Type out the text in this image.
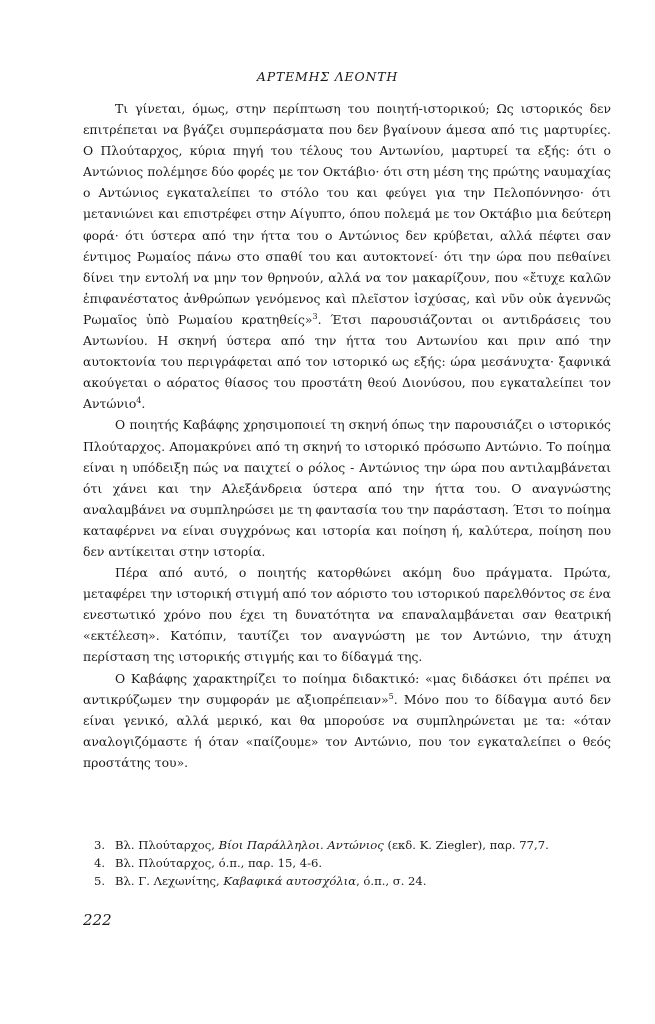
ΑΡΤΕΜΗΣ ΛΕΟΝΤΗ

Τι γίνεται, όμως, στην περίπτωση του ποιητή-ιστορικού; Ως ιστορικός δεν επιτρέπεται να βγάζει συμπεράσματα που δεν βγαίνουν άμεσα από τις μαρτυρίες. Ο Πλούταρχος, κύρια πηγή του τέλους του Αντωνίου, μαρτυρεί τα εξής: ότι ο Αντώνιος πολέμησε δύο φορές με τον Οκτάβιο· ότι στη μέση της πρώτης ναυμαχίας ο Αντώνιος εγκαταλείπει το στόλο του και φεύγει για την Πελοπόννησο· ότι μετανιώνει και επιστρέφει στην Αίγυπτο, όπου πολεμά με τον Οκτάβιο μια δεύτερη φορά· ότι ύστερα από την ήττα του ο Αντώνιος δεν κρύβεται, αλλά πέφτει σαν έντιμος Ρωμαίος πάνω στο σπαθί του και αυτοκτονεί· ότι την ώρα που πεθαίνει δίνει την εντολή να μην τον θρηνούν, αλλά να τον μακαρίζουν, που «ἔτυχε καλῶν ἐπιφανέστατος ἀνθρώπων γενόμενος καὶ πλεῖστον ἰσχύσας, καὶ νῦν οὐκ ἀγεννῶς Ρωμαῖος ὑπὸ Ρωμαίου κρατηθείς»$^3$. Έτσι παρουσιάζονται οι αντιδράσεις του Αντωνίου. Η σκηνή ύστερα από την ήττα του Αντωνίου και πριν από την αυτοκτονία του περιγράφεται από τον ιστορικό ως εξής: ώρα μεσάνυχτα· ξαφνικά ακούγεται ο αόρατος θίασος του προστάτη θεού Διονύσου, που εγκαταλείπει τον Αντώνιο$^4$.

Ο ποιητής Καβάφης χρησιμοποιεί τη σκηνή όπως την παρουσιάζει ο ιστορικός Πλούταρχος. Απομακρύνει από τη σκηνή το ιστορικό πρόσωπο Αντώνιο. Το ποίημα είναι η υπόδειξη πώς να παιχτεί ο ρόλος - Αντώνιος την ώρα που αντιλαμβάνεται ότι χάνει και την Αλεξάνδρεια ύστερα από την ήττα του. Ο αναγνώστης αναλαμβάνει να συμπληρώσει με τη φαντασία του την παράσταση. Έτσι το ποίημα καταφέρνει να είναι συγχρόνως και ιστορία και ποίηση ή, καλύτερα, ποίηση που δεν αντίκειται στην ιστορία.

Πέρα από αυτό, ο ποιητής κατορθώνει ακόμη δυο πράγματα. Πρώτα, μεταφέρει την ιστορική στιγμή από τον αόριστο του ιστορικού παρελθόντος σε ένα ενεστωτικό χρόνο που έχει τη δυνατότητα να επαναλαμβάνεται σαν θεατρική «εκτέλεση». Κατόπιν, ταυτίζει τον αναγνώστη με τον Αντώνιο, την άτυχη περίσταση της ιστορικής στιγμής και το δίδαγμά της.

Ο Καβάφης χαρακτηρίζει το ποίημα διδακτικό: «μας διδάσκει ότι πρέπει να αντικρύζωμεν την συμφοράν με αξιοπρέπειαν»$^5$. Μόνο που το δίδαγμα αυτό δεν είναι γενικό, αλλά μερικό, και θα μπορούσε να συμπληρώνεται με τα: «όταν αναλογιζόμαστε ή όταν «παίζουμε» τον Αντώνιο, που τον εγκαταλείπει ο θεός προστάτης του».

3. Βλ. Πλούταρχος, Βίοι Παράλληλοι. Αντώνιος (εκδ. K. Ziegler), παρ. 77,7.

4. Βλ. Πλούταρχος, ό.π., παρ. 15, 4-6.

5. Βλ. Γ. Λεχωνίτης, Καβαφικά αυτοσχόλια, ό.π., σ. 24.

222
